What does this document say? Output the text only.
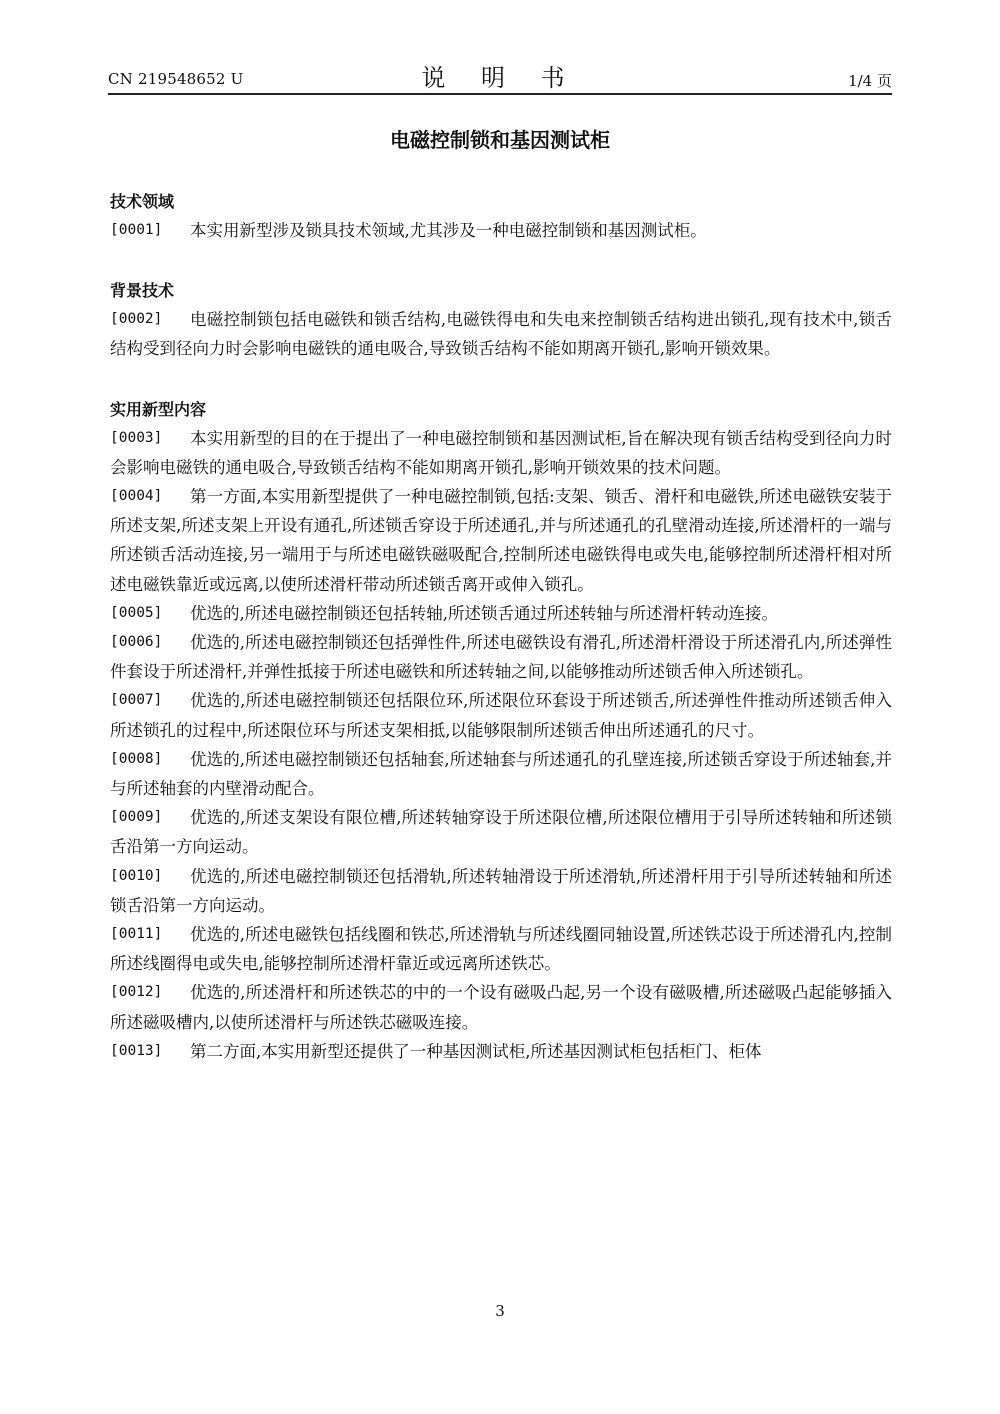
CN 219548652 U	说 明 书	1/4 页
电磁控制锁和基因测试柜
技术领域

[0001] 本实用新型涉及锁具技术领域,尤其涉及一种电磁控制锁和基因测试柜。

背景技术

[0002] 电磁控制锁包括电磁铁和锁舌结构,电磁铁得电和失电来控制锁舌结构进出锁孔,现有技术中,锁舌结构受到径向力时会影响电磁铁的通电吸合,导致锁舌结构不能如期离开锁孔,影响开锁效果。

实用新型内容

[0003] 本实用新型的目的在于提出了一种电磁控制锁和基因测试柜,旨在解决现有锁舌结构受到径向力时会影响电磁铁的通电吸合,导致锁舌结构不能如期离开锁孔,影响开锁效果的技术问题。

[0004] 第一方面,本实用新型提供了一种电磁控制锁,包括:支架、锁舌、滑杆和电磁铁,所述电磁铁安装于所述支架,所述支架上开设有通孔,所述锁舌穿设于所述通孔,并与所述通孔的孔壁滑动连接,所述滑杆的一端与所述锁舌活动连接,另一端用于与所述电磁铁磁吸配合,控制所述电磁铁得电或失电,能够控制所述滑杆相对所述电磁铁靠近或远离,以使所述滑杆带动所述锁舌离开或伸入锁孔。

[0005] 优选的,所述电磁控制锁还包括转轴,所述锁舌通过所述转轴与所述滑杆转动连接。

[0006] 优选的,所述电磁控制锁还包括弹性件,所述电磁铁设有滑孔,所述滑杆滑设于所述滑孔内,所述弹性件套设于所述滑杆,并弹性抵接于所述电磁铁和所述转轴之间,以能够推动所述锁舌伸入所述锁孔。

[0007] 优选的,所述电磁控制锁还包括限位环,所述限位环套设于所述锁舌,所述弹性件推动所述锁舌伸入所述锁孔的过程中,所述限位环与所述支架相抵,以能够限制所述锁舌伸出所述通孔的尺寸。

[0008] 优选的,所述电磁控制锁还包括轴套,所述轴套与所述通孔的孔壁连接,所述锁舌穿设于所述轴套,并与所述轴套的内壁滑动配合。

[0009] 优选的,所述支架设有限位槽,所述转轴穿设于所述限位槽,所述限位槽用于引导所述转轴和所述锁舌沿第一方向运动。

[0010] 优选的,所述电磁控制锁还包括滑轨,所述转轴滑设于所述滑轨,所述滑杆用于引导所述转轴和所述锁舌沿第一方向运动。

[0011] 优选的,所述电磁铁包括线圈和铁芯,所述滑轨与所述线圈同轴设置,所述铁芯设于所述滑孔内,控制所述线圈得电或失电,能够控制所述滑杆靠近或远离所述铁芯。

[0012] 优选的,所述滑杆和所述铁芯的中的一个设有磁吸凸起,另一个设有磁吸槽,所述磁吸凸起能够插入所述磁吸槽内,以使所述滑杆与所述铁芯磁吸连接。

[0013] 第二方面,本实用新型还提供了一种基因测试柜,所述基因测试柜包括柜门、柜体

3
